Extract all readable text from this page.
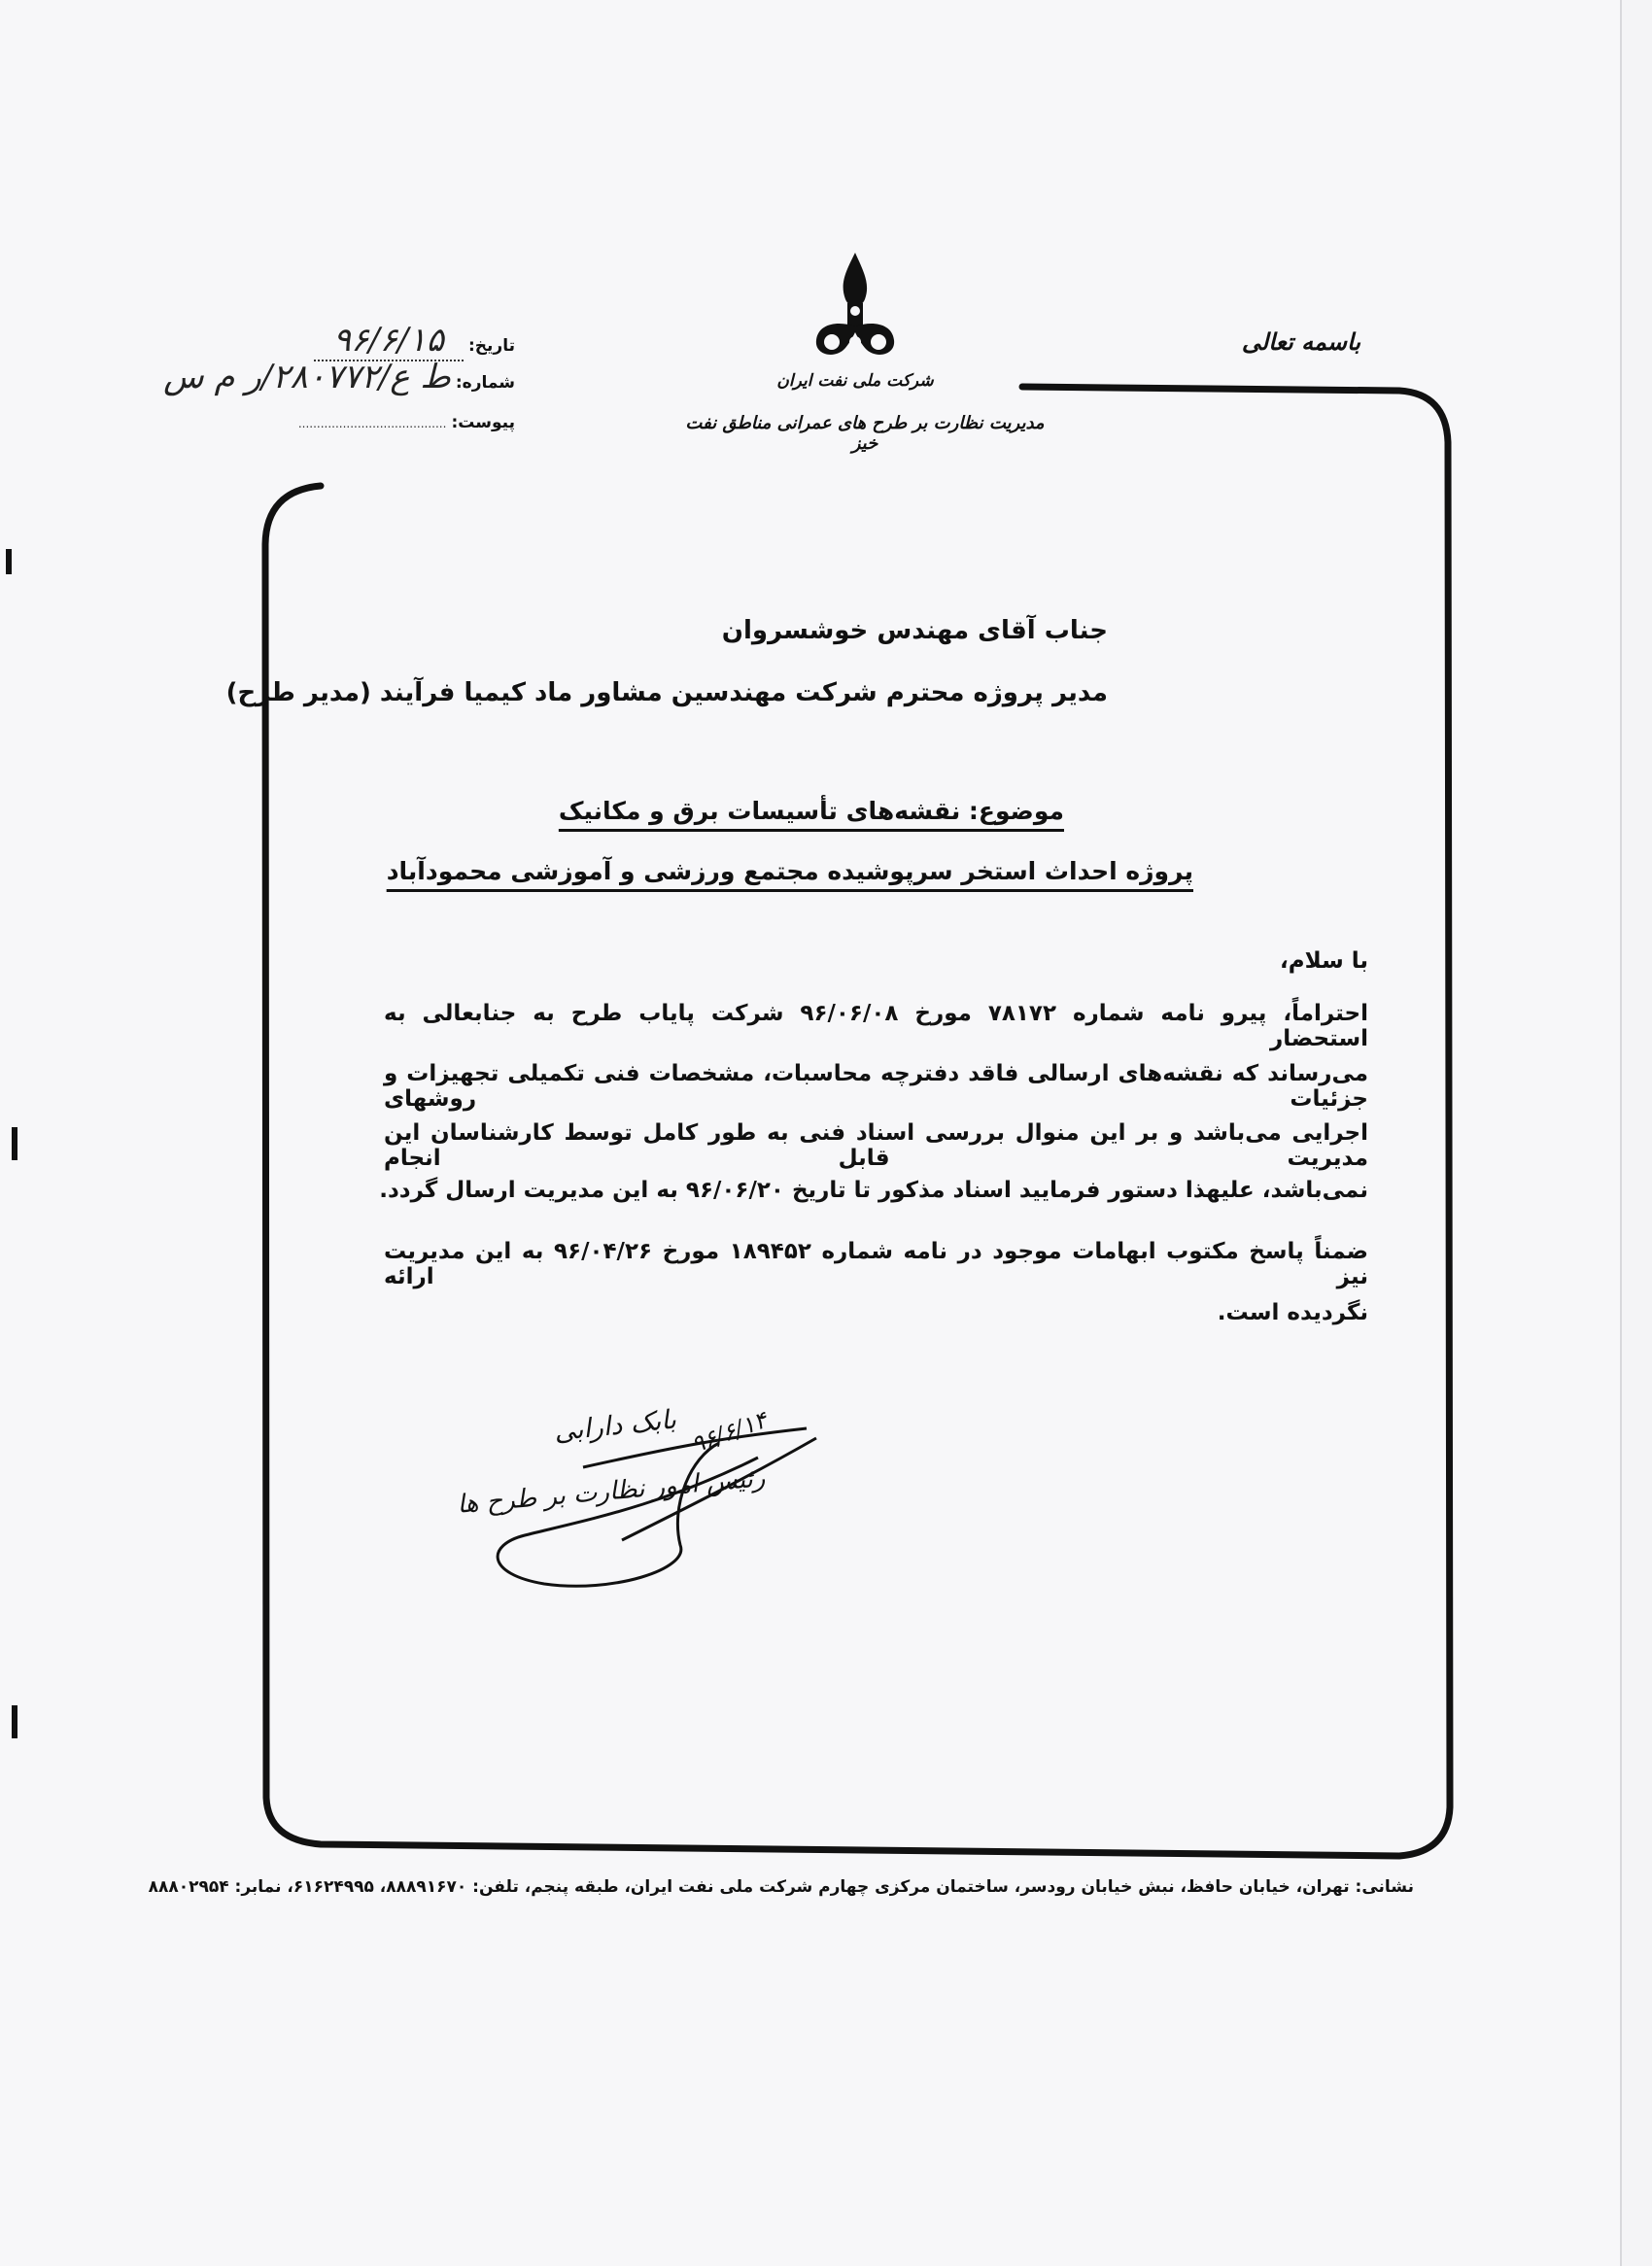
باسمه تعالی
شرکت ملی نفت ایران
مدیریت نظارت بر طرح های عمرانی مناطق نفت خیز
تاریخ: ۹۶/۶/۱۵
شماره: ط ع/۲۸۰۷۷۲/ر م س
پیوست: ........................................
جناب آقای مهندس خوشسروان
مدیر پروژه محترم شرکت مهندسین مشاور ماد کیمیا فرآیند (مدیر طرح)
موضوع: نقشه‌های تأسیسات برق و مکانیک
پروژه احداث استخر سرپوشیده مجتمع ورزشی و آموزشی محمودآباد
با سلام،
احتراماً، پیرو نامه شماره ۷۸۱۷۲ مورخ ۹۶/۰۶/۰۸ شرکت پایاب طرح به جنابعالی به استحضار
می‌رساند که نقشه‌های ارسالی فاقد دفترچه محاسبات، مشخصات فنی تکمیلی تجهیزات و جزئیات روشهای
اجرایی می‌باشد و بر این منوال بررسی اسناد فنی به طور کامل توسط کارشناسان این مدیریت قابل انجام
نمی‌باشد، علیهذا دستور فرمایید اسناد مذکور تا تاریخ ۹۶/۰۶/۲۰ به این مدیریت ارسال گردد.
ضمناً پاسخ مکتوب ابهامات موجود در نامه شماره ۱۸۹۴۵۲ مورخ ۹۶/۰۴/۲۶ به این مدیریت نیز ارائه
نگردیده است.
بابک دارابی ۹۶/۶/۱۴
رئیس امور نظارت بر طرح ها
نشانی: تهران، خیابان حافظ، نبش خیابان رودسر، ساختمان مرکزی چهارم شرکت ملی نفت ایران، طبقه پنجم، تلفن: ۸۸۸۹۱۶۷۰، ۶۱۶۲۴۹۹۵، نمابر: ۸۸۸۰۲۹۵۴
